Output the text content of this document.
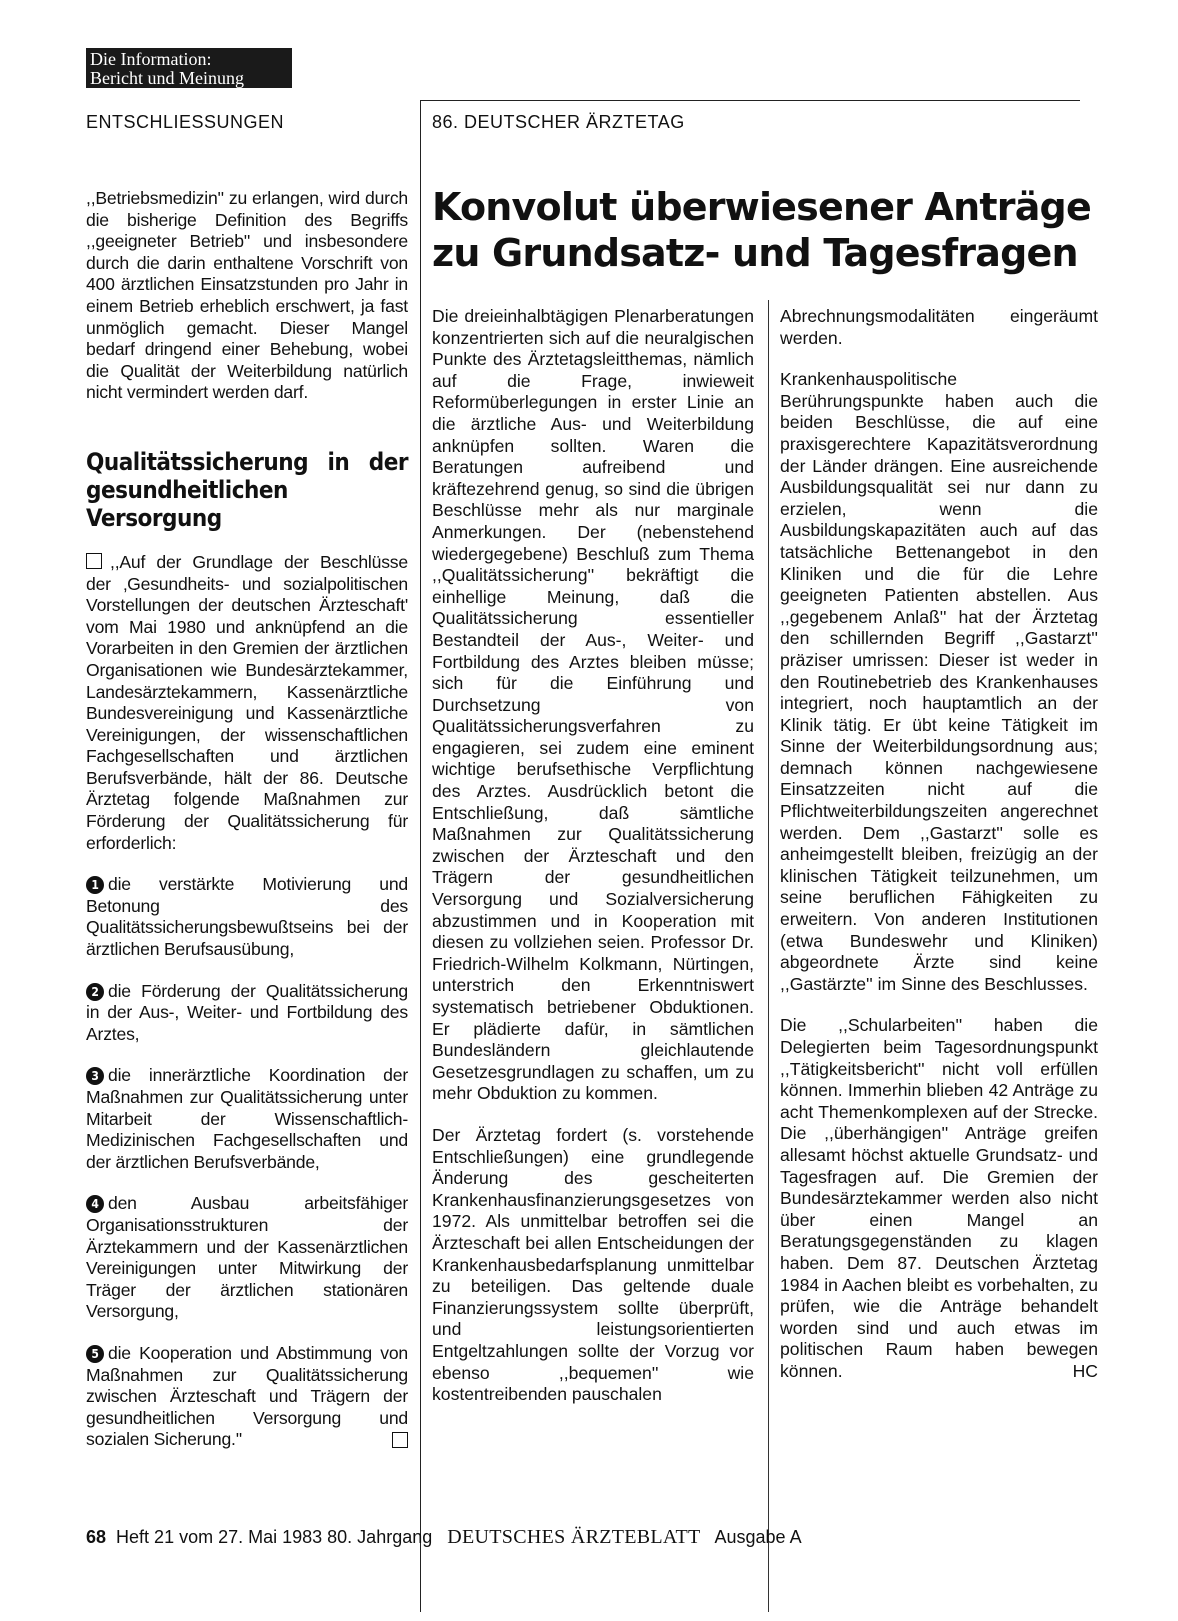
Die Information:
Bericht und Meinung
ENTSCHLIESSUNGEN	86. DEUTSCHER ÄRZTETAG

,,Betriebsmedizin'' zu erlangen, wird durch die bisherige Definition des Begriffs ,,geeigneter Betrieb'' und insbesondere durch die darin enthaltene Vorschrift von 400 ärztlichen Einsatzstunden pro Jahr in einem Betrieb erheblich erschwert, ja fast unmöglich gemacht. Dieser Mangel bedarf dringend einer Behebung, wobei die Qualität der Weiterbildung natürlich nicht vermindert werden darf.

Qualitätssicherung in der gesundheitlichen Versorgung

,,Auf der Grundlage der Beschlüsse der ‚Gesundheits- und sozialpolitischen Vorstellungen der deutschen Ärzteschaft' vom Mai 1980 und anknüpfend an die Vorarbeiten in den Gremien der ärztlichen Organisationen wie Bundesärztekammer, Landesärztekammern, Kassenärztliche Bundesvereinigung und Kassenärztliche Vereinigungen, der wissenschaftlichen Fachgesellschaften und ärztlichen Berufsverbände, hält der 86. Deutsche Ärztetag folgende Maßnahmen zur Förderung der Qualitätssicherung für erforderlich:

1 die verstärkte Motivierung und Betonung des Qualitätssicherungsbewußtseins bei der ärztlichen Berufsausübung,

2 die Förderung der Qualitätssicherung in der Aus-, Weiter- und Fortbildung des Arztes,

3 die innerärztliche Koordination der Maßnahmen zur Qualitätssicherung unter Mitarbeit der Wissenschaftlich-Medizinischen Fachgesellschaften und der ärztlichen Berufsverbände,

4 den Ausbau arbeitsfähiger Organisationsstrukturen der Ärztekammern und der Kassenärztlichen Vereinigungen unter Mitwirkung der Träger der ärztlichen stationären Versorgung,

5 die Kooperation und Abstimmung von Maßnahmen zur Qualitätssicherung zwischen Ärzteschaft und Trägern der gesundheitlichen Versorgung und sozialen Sicherung.''

Konvolut überwiesener Anträge zu Grundsatz- und Tagesfragen

Die dreieinhalbtägigen Plenarberatungen konzentrierten sich auf die neuralgischen Punkte des Ärztetagsleitthemas, nämlich auf die Frage, inwieweit Reformüberlegungen in erster Linie an die ärztliche Aus- und Weiterbildung anknüpfen sollten. Waren die Beratungen aufreibend und kräftezehrend genug, so sind die übrigen Beschlüsse mehr als nur marginale Anmerkungen. Der (nebenstehend wiedergegebene) Beschluß zum Thema ,,Qualitätssicherung'' bekräftigt die einhellige Meinung, daß die Qualitätssicherung essentieller Bestandteil der Aus-, Weiter- und Fortbildung des Arztes bleiben müsse; sich für die Einführung und Durchsetzung von Qualitätssicherungsverfahren zu engagieren, sei zudem eine eminent wichtige berufsethische Verpflichtung des Arztes. Ausdrücklich betont die Entschließung, daß sämtliche Maßnahmen zur Qualitätssicherung zwischen der Ärzteschaft und den Trägern der gesundheitlichen Versorgung und Sozialversicherung abzustimmen und in Kooperation mit diesen zu vollziehen seien. Professor Dr. Friedrich-Wilhelm Kolkmann, Nürtingen, unterstrich den Erkenntniswert systematisch betriebener Obduktionen. Er plädierte dafür, in sämtlichen Bundesländern gleichlautende Gesetzesgrundlagen zu schaffen, um zu mehr Obduktion zu kommen.

Der Ärztetag fordert (s. vorstehende Entschließungen) eine grundlegende Änderung des gescheiterten Krankenhausfinanzierungsgesetzes von 1972. Als unmittelbar betroffen sei die Ärzteschaft bei allen Entscheidungen der Krankenhausbedarfsplanung unmittelbar zu beteiligen. Das geltende duale Finanzierungssystem sollte überprüft, und leistungsorientierten Entgeltzahlungen sollte der Vorzug vor ebenso ,,bequemen'' wie kostentreibenden pauschalen

Abrechnungsmodalitäten eingeräumt werden.

Krankenhauspolitische Berührungspunkte haben auch die beiden Beschlüsse, die auf eine praxisgerechtere Kapazitätsverordnung der Länder drängen. Eine ausreichende Ausbildungsqualität sei nur dann zu erzielen, wenn die Ausbildungskapazitäten auch auf das tatsächliche Bettenangebot in den Kliniken und die für die Lehre geeigneten Patienten abstellen. Aus ,,gegebenem Anlaß'' hat der Ärztetag den schillernden Begriff ,,Gastarzt'' präziser umrissen: Dieser ist weder in den Routinebetrieb des Krankenhauses integriert, noch hauptamtlich an der Klinik tätig. Er übt keine Tätigkeit im Sinne der Weiterbildungsordnung aus; demnach können nachgewiesene Einsatzzeiten nicht auf die Pflichtweiterbildungszeiten angerechnet werden. Dem ,,Gastarzt'' solle es anheimgestellt bleiben, freizügig an der klinischen Tätigkeit teilzunehmen, um seine beruflichen Fähigkeiten zu erweitern. Von anderen Institutionen (etwa Bundeswehr und Kliniken) abgeordnete Ärzte sind keine ,,Gastärzte'' im Sinne des Beschlusses.

Die ,,Schularbeiten'' haben die Delegierten beim Tagesordnungspunkt ,,Tätigkeitsbericht'' nicht voll erfüllen können. Immerhin blieben 42 Anträge zu acht Themenkomplexen auf der Strecke. Die ,,überhängigen'' Anträge greifen allesamt höchst aktuelle Grundsatz- und Tagesfragen auf. Die Gremien der Bundesärztekammer werden also nicht über einen Mangel an Beratungsgegenständen zu klagen haben. Dem 87. Deutschen Ärztetag 1984 in Aachen bleibt es vorbehalten, zu prüfen, wie die Anträge behandelt worden sind und auch etwas im politischen Raum haben bewegen können.	HC

68 Heft 21 vom 27. Mai 1983 80. Jahrgang DEUTSCHES ÄRZTEBLATT Ausgabe A
